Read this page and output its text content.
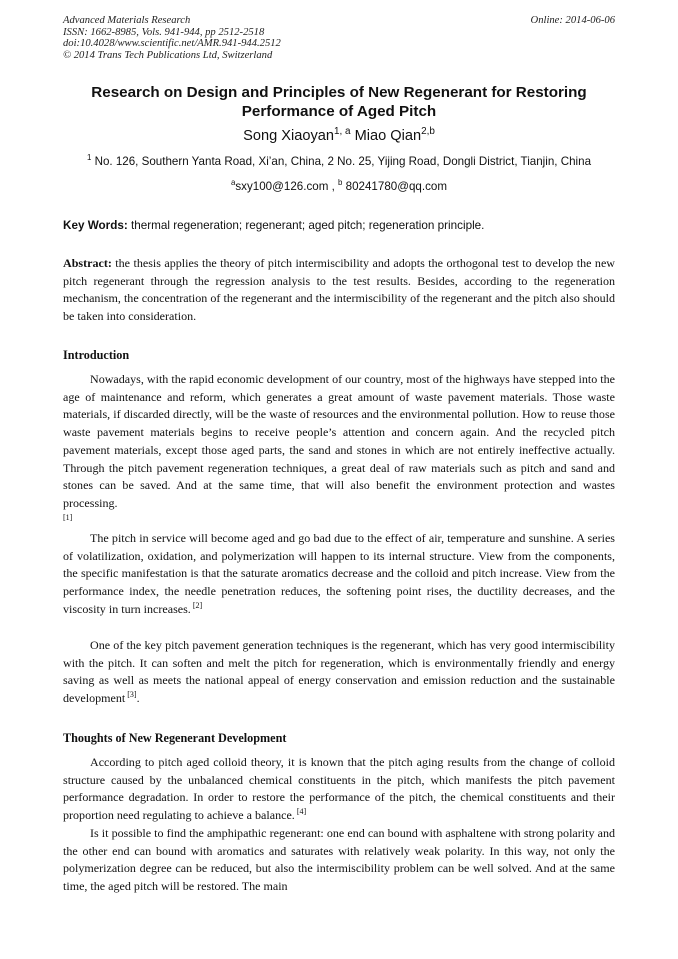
Advanced Materials Research
ISSN: 1662-8985, Vols. 941-944, pp 2512-2518
doi:10.4028/www.scientific.net/AMR.941-944.2512
© 2014 Trans Tech Publications Ltd, Switzerland
Online: 2014-06-06
Research on Design and Principles of New Regenerant for Restoring Performance of Aged Pitch
Song Xiaoyan$^{1, a}$ Miao Qian$^{2,b}$
$^1$ No. 126, Southern Yanta Road, Xi’an, China, 2 No. 25, Yijing Road, Dongli District, Tianjin, China
$^a$sxy100@126.com , $^b$ 80241780@qq.com
Key Words: thermal regeneration; regenerant; aged pitch; regeneration principle.
Abstract: the thesis applies the theory of pitch intermiscibility and adopts the orthogonal test to develop the new pitch regenerant through the regression analysis to the test results. Besides, according to the regeneration mechanism, the concentration of the regenerant and the intermiscibility of the regenerant and the pitch also should be taken into consideration.
Introduction
Nowadays, with the rapid economic development of our country, most of the highways have stepped into the age of maintenance and reform, which generates a great amount of waste pavement materials. Those waste materials, if discarded directly, will be the waste of resources and the environmental pollution. How to reuse those waste pavement materials begins to receive people’s attention and concern again. And the recycled pitch pavement materials, except those aged parts, the sand and stones in which are not entirely ineffective actually. Through the pitch pavement regeneration techniques, a great deal of raw materials such as pitch and sand and stones can be saved. And at the same time, that will also benefit the environment protection and wastes processing.
[1]
The pitch in service will become aged and go bad due to the effect of air, temperature and sunshine. A series of volatilization, oxidation, and polymerization will happen to its internal structure. View from the components, the specific manifestation is that the saturate aromatics decrease and the colloid and pitch increase. View from the performance index, the needle penetration reduces, the softening point rises, the ductility decreases, and the viscosity in turn increases. [2]
One of the key pitch pavement generation techniques is the regenerant, which has very good intermiscibility with the pitch. It can soften and melt the pitch for regeneration, which is environmentally friendly and energy saving as well as meets the national appeal of energy conservation and emission reduction and the sustainable development [3].
Thoughts of New Regenerant Development
According to pitch aged colloid theory, it is known that the pitch aging results from the change of colloid structure caused by the unbalanced chemical constituents in the pitch, which manifests the pitch pavement performance degradation. In order to restore the performance of the pitch, the chemical constituents and their proportion need regulating to achieve a balance. [4]
Is it possible to find the amphipathic regenerant: one end can bound with asphaltene with strong polarity and the other end can bound with aromatics and saturates with relatively weak polarity. In this way, not only the polymerization degree can be reduced, but also the intermiscibility problem can be well solved. And at the same time, the aged pitch will be restored. The main
